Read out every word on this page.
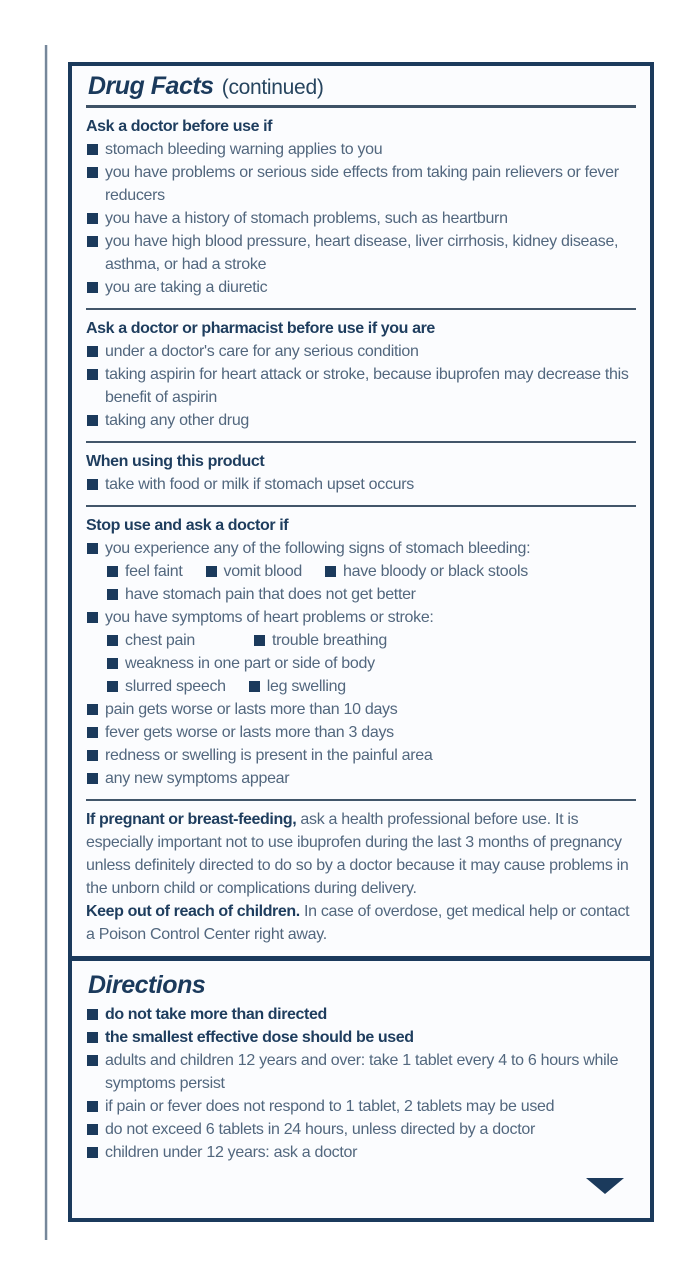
Drug Facts (continued)
Ask a doctor before use if
stomach bleeding warning applies to you
you have problems or serious side effects from taking pain relievers or fever reducers
you have a history of stomach problems, such as heartburn
you have high blood pressure, heart disease, liver cirrhosis, kidney disease, asthma, or had a stroke
you are taking a diuretic
Ask a doctor or pharmacist before use if you are
under a doctor's care for any serious condition
taking aspirin for heart attack or stroke, because ibuprofen may decrease this benefit of aspirin
taking any other drug
When using this product
take with food or milk if stomach upset occurs
Stop use and ask a doctor if
you experience any of the following signs of stomach bleeding:
feel faint	vomit blood	have bloody or black stools
have stomach pain that does not get better
you have symptoms of heart problems or stroke:
chest pain	trouble breathing
weakness in one part or side of body
slurred speech	leg swelling
pain gets worse or lasts more than 10 days
fever gets worse or lasts more than 3 days
redness or swelling is present in the painful area
any new symptoms appear

If pregnant or breast-feeding, ask a health professional before use. It is especially important not to use ibuprofen during the last 3 months of pregnancy unless definitely directed to do so by a doctor because it may cause problems in the unborn child or complications during delivery.

Keep out of reach of children. In case of overdose, get medical help or contact a Poison Control Center right away.

Directions
do not take more than directed
the smallest effective dose should be used
adults and children 12 years and over: take 1 tablet every 4 to 6 hours while symptoms persist
if pain or fever does not respond to 1 tablet, 2 tablets may be used
do not exceed 6 tablets in 24 hours, unless directed by a doctor
children under 12 years: ask a doctor
